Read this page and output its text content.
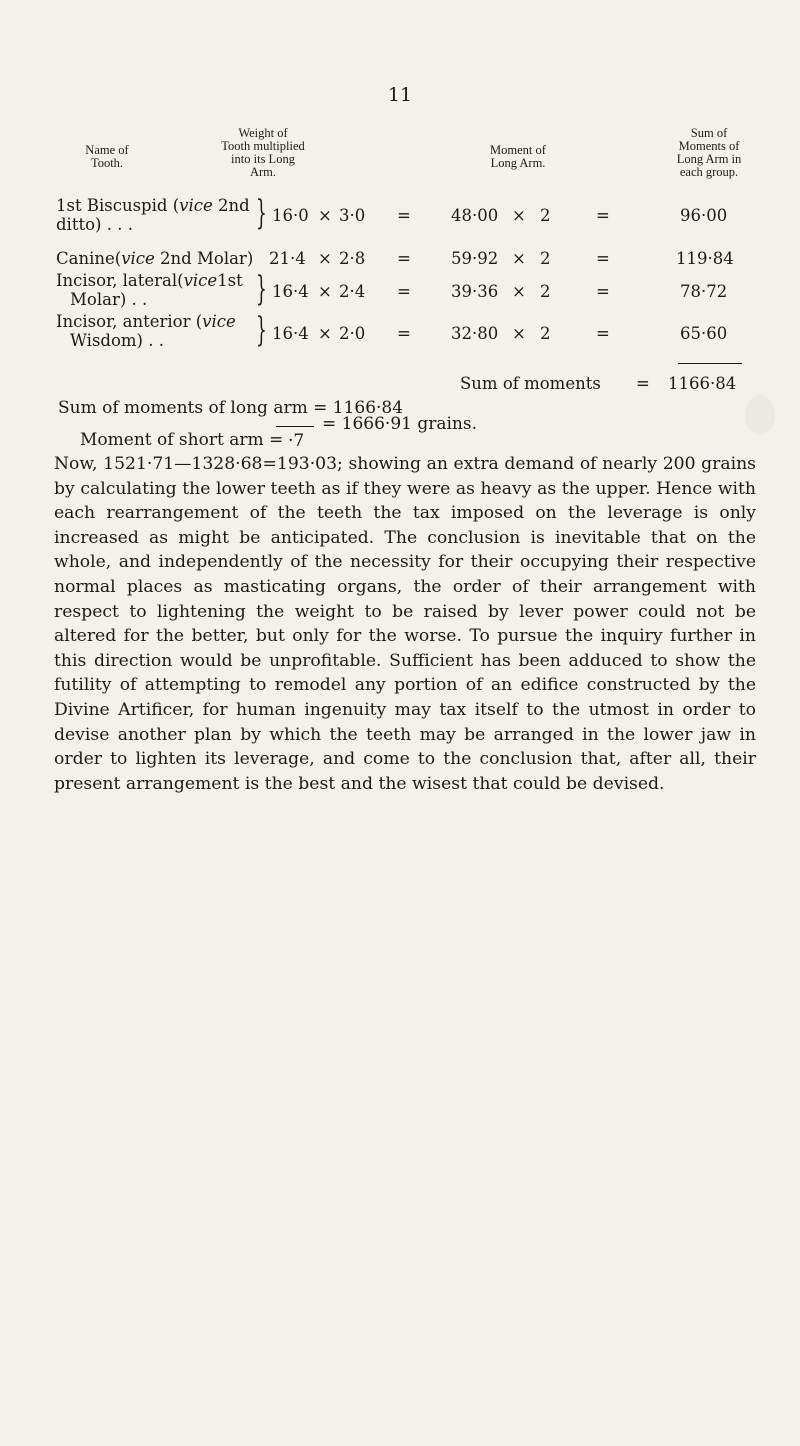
11
Name of
Tooth.
Weight of
Tooth multiplied
into its Long
Arm.
Moment of
Long Arm.
Sum of
Moments of
Long Arm in
each group.
1st Biscuspid (vice 2nd
ditto) . . .	} 16·0 × 3·0 = 48·00 × 2	=	96·00
Canine(vice 2nd Molar) 21·4 × 2·8 = 59·92 × 2	=	119·84
Incisor, lateral(vice1st
Molar) . .	} 16·4 × 2·4 = 39·36 × 2	=	78·72
Incisor, anterior (vice
Wisdom) . .	} 16·4 × 2·0 = 32·80 × 2	=	65·60
Sum of moments = 1166·84
Sum of moments of long arm = 1166·84
Moment of short arm = ·7
= 1666·91 grains.

Now, 1521·71—1328·68=193·03; showing an extra demand of nearly 200 grains by calculating the lower teeth as if they were as heavy as the upper. Hence with each rearrangement of the teeth the tax imposed on the leverage is only increased as might be anticipated. The conclusion is inevitable that on the whole, and independently of the necessity for their occupying their respective normal places as masticating organs, the order of their arrangement with respect to lightening the weight to be raised by lever power could not be altered for the better, but only for the worse. To pursue the inquiry further in this direction would be unprofitable. Sufficient has been adduced to show the futility of attempting to remodel any portion of an edifice constructed by the Divine Artificer, for human ingenuity may tax itself to the utmost in order to devise another plan by which the teeth may be arranged in the lower jaw in order to lighten its leverage, and come to the conclusion that, after all, their present arrangement is the best and the wisest that could be devised.
